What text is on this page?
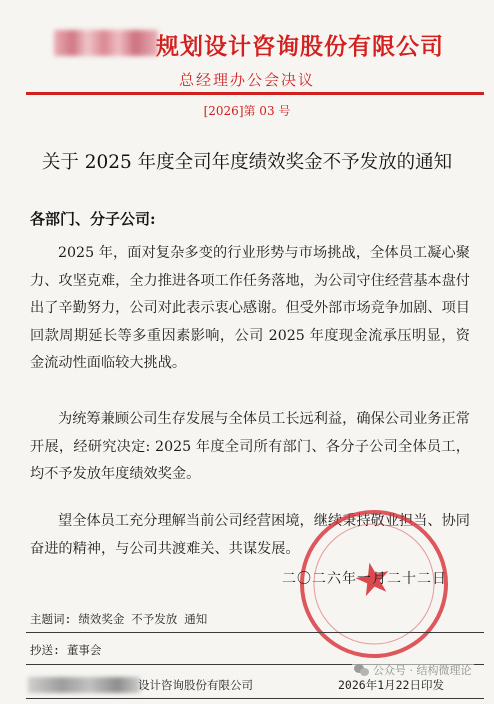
规划设计咨询股份有限公司
总经理办公会决议
[2026]第 03 号
关于 2025 年度全司年度绩效奖金不予发放的通知
各部门、分子公司:
2025 年，面对复杂多变的行业形势与市场挑战，全体员工凝心聚力、攻坚克难，全力推进各项工作任务落地，为公司守住经营基本盘付出了辛勤努力，公司对此表示衷心感谢。但受外部市场竞争加剧、项目回款周期延长等多重因素影响，公司 2025 年度现金流承压明显，资金流动性面临较大挑战。
为统筹兼顾公司生存发展与全体员工长远利益，确保公司业务正常开展，经研究决定: 2025 年度全司所有部门、各分子公司全体员工，均不予发放年度绩效奖金。
望全体员工充分理解当前公司经营困境，继续秉持敬业担当、协同奋进的精神，与公司共渡难关、共谋发展。
★
二〇二六年一月二十二日
主题词: 绩效奖金 不予发放 通知
抄送: 董事会
设计咨询股份有限公司	2026年1月22日印发
公众号 · 结构微理论
